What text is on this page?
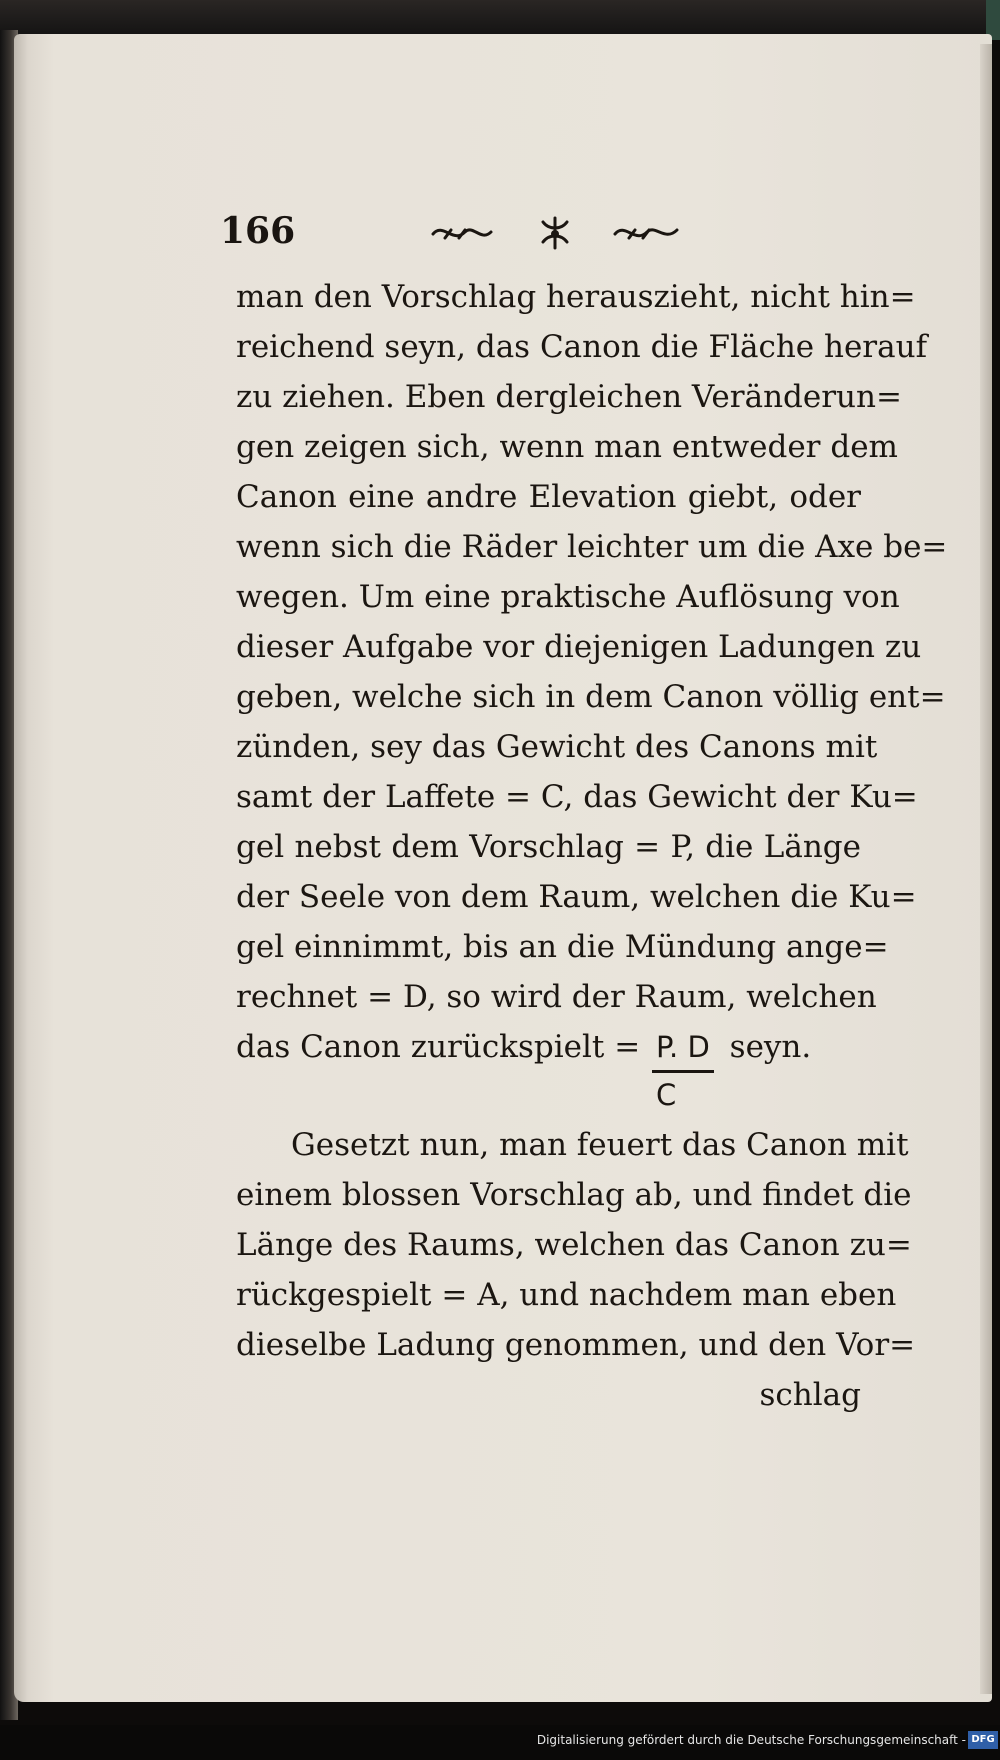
166
man den Vorschlag herauszieht, nicht hin=
reichend seyn, das Canon die Fläche herauf
zu ziehen. Eben dergleichen Veränderun=
gen zeigen sich, wenn man entweder dem
Canon eine andre Elevation giebt, oder
wenn sich die Räder leichter um die Axe be=
wegen. Um eine praktische Auflösung von
dieser Aufgabe vor diejenigen Ladungen zu
geben, welche sich in dem Canon völlig ent=
zünden, sey das Gewicht des Canons mit
samt der Laffete = C, das Gewicht der Ku=
gel nebst dem Vorschlag = P, die Länge
der Seele von dem Raum, welchen die Ku=
gel einnimmt, bis an die Mündung ange=
rechnet = D, so wird der Raum, welchen
das Canon zurückspielt = $\frac{P. D}{C}$ seyn.
Gesetzt nun, man feuert das Canon mit
einem blossen Vorschlag ab, und findet die
Länge des Raums, welchen das Canon zu=
rückgespielt = A, und nachdem man eben
dieselbe Ladung genommen, und den Vor=
schlag
Digitalisierung gefördert durch die Deutsche Forschungsgemeinschaft - DFG
